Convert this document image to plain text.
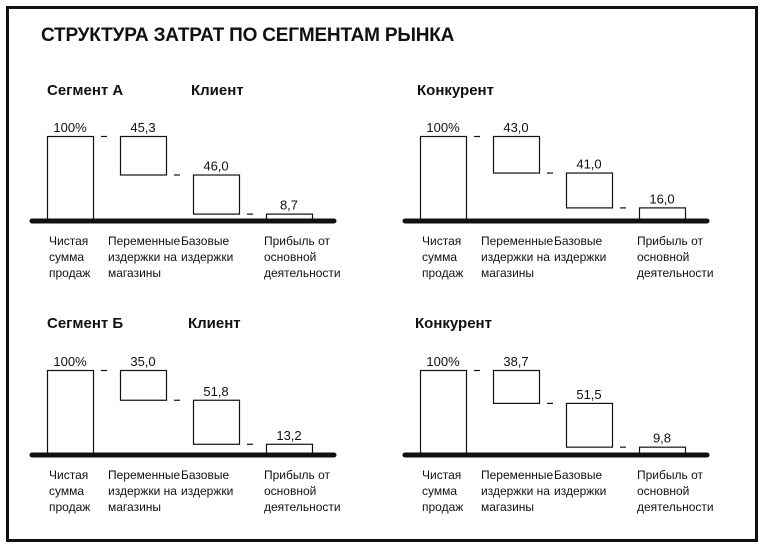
СТРУКТУРА ЗАТРАТ ПО СЕГМЕНТАМ РЫНКА
Сегмент А	Клиент	Конкурент
Сегмент Б	Клиент	Конкурент
100%
Чистая
сумма
продаж
45,3
Переменные
издержки на
магазины
46,0
Базовые
издержки
8,7
Прибыль от
основной
деятельности
100%
Чистая
сумма
продаж
43,0
Переменные
издержки на
магазины
41,0
Базовые
издержки
16,0
Прибыль от
основной
деятельности
100%
Чистая
сумма
продаж
35,0
Переменные
издержки на
магазины
51,8
Базовые
издержки
13,2
Прибыль от
основной
деятельности
100%
Чистая
сумма
продаж
38,7
Переменные
издержки на
магазины
51,5
Базовые
издержки
9,8
Прибыль от
основной
деятельности
